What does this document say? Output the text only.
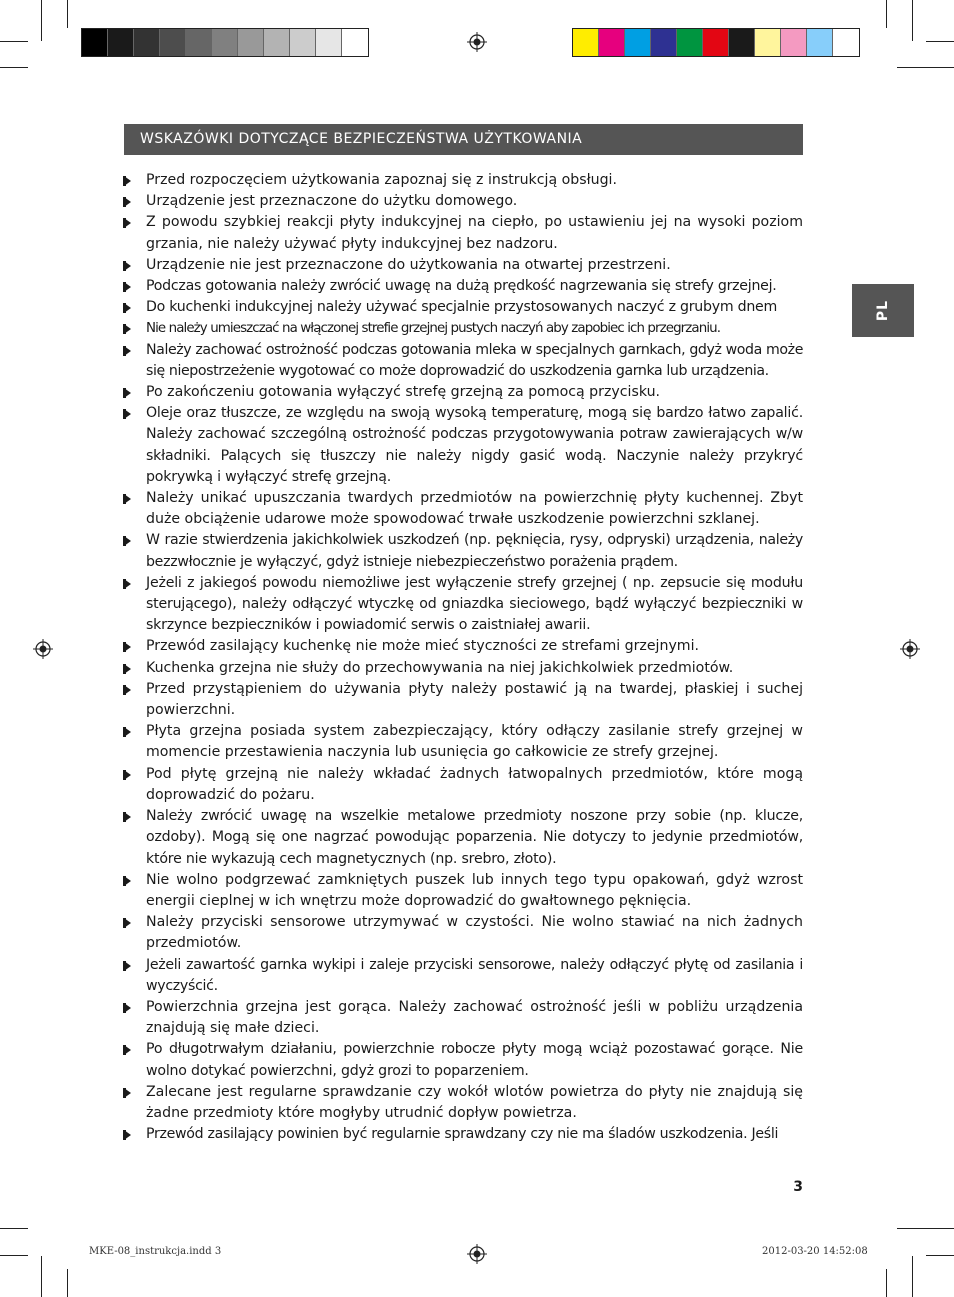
WSKAZÓWKI DOTYCZĄCE BEZPIECZEŃSTWA UŻYTKOWANIA
PL
Przed rozpoczęciem użytkowania zapoznaj się z instrukcją obsługi.
Urządzenie jest przeznaczone do użytku domowego.
Z powodu szybkiej reakcji płyty indukcyjnej na ciepło, po ustawieniu jej na wysoki poziom grzania, nie należy używać płyty indukcyjnej bez nadzoru.
Urządzenie nie jest przeznaczone do użytkowania na otwartej przestrzeni.
Podczas gotowania należy zwrócić uwagę na dużą prędkość nagrzewania się strefy grzejnej.
Do kuchenki indukcyjnej należy używać specjalnie przystosowanych naczyć z grubym dnem
Nie należy umieszczać na włączonej strefie grzejnej pustych naczyń aby zapobiec ich przegrzaniu.
Należy zachować ostrożność podczas gotowania mleka w specjalnych garnkach, gdyż woda może się niepostrzeżenie wygotować co może doprowadzić do uszkodzenia garnka lub urządzenia.
Po zakończeniu gotowania wyłączyć strefę grzejną za pomocą przycisku.
Oleje oraz tłuszcze, ze względu na swoją wysoką temperaturę, mogą się bardzo łatwo zapalić. Należy zachować szczególną ostrożność podczas przygotowywania potraw zawierających w/w składniki. Palących się tłuszczy nie należy nigdy gasić wodą. Naczynie należy przykryć pokrywką i wyłączyć strefę grzejną.
Należy unikać upuszczania twardych przedmiotów na powierzchnię płyty kuchennej. Zbyt duże obciążenie udarowe może spowodować trwałe uszkodzenie powierzchni szklanej.
W razie stwierdzenia jakichkolwiek uszkodzeń (np. pęknięcia, rysy, odpryski) urządzenia, należy bezzwłocznie je wyłączyć, gdyż istnieje niebezpieczeństwo porażenia prądem.
Jeżeli z jakiegoś powodu niemożliwe jest wyłączenie strefy grzejnej ( np. zepsucie się modułu sterującego), należy odłączyć wtyczkę od gniazdka sieciowego, bądź wyłączyć bezpieczniki w skrzynce bezpieczników i powiadomić serwis o zaistniałej awarii.
Przewód zasilający kuchenkę nie może mieć styczności ze strefami grzejnymi.
Kuchenka grzejna nie służy do przechowywania na niej jakichkolwiek przedmiotów.
Przed przystąpieniem do używania płyty należy postawić ją na twardej, płaskiej i suchej powierzchni.
Płyta grzejna posiada system zabezpieczający, który odłączy zasilanie strefy grzejnej w momencie przestawienia naczynia lub usunięcia go całkowicie ze strefy grzejnej.
Pod płytę grzejną nie należy wkładać żadnych łatwopalnych przedmiotów, które mogą doprowadzić do pożaru.
Należy zwrócić uwagę na wszelkie metalowe przedmioty noszone przy sobie (np. klucze, ozdoby). Mogą się one nagrzać powodując poparzenia. Nie dotyczy to jedynie przedmiotów, które nie wykazują cech magnetycznych (np. srebro, złoto).
Nie wolno podgrzewać zamkniętych puszek lub innych tego typu opakowań, gdyż wzrost energii cieplnej w ich wnętrzu może doprowadzić do gwałtownego pęknięcia.
Należy przyciski sensorowe utrzymywać w czystości. Nie wolno stawiać na nich żadnych przedmiotów.
Jeżeli zawartość garnka wykipi i zaleje przyciski sensorowe, należy odłączyć płytę od zasilania i wyczyścić.
Powierzchnia grzejna jest gorąca. Należy zachować ostrożność jeśli w pobliżu urządzenia znajdują się małe dzieci.
Po długotrwałym działaniu, powierzchnie robocze płyty mogą wciąż pozostawać gorące. Nie wolno dotykać powierzchni, gdyż grozi to poparzeniem.
Zalecane jest regularne sprawdzanie czy wokół wlotów powietrza do płyty nie znajdują się żadne przedmioty które mogłyby utrudnić dopływ powietrza.
Przewód zasilający powinien być regularnie sprawdzany czy nie ma śladów uszkodzenia. Jeśli
3
MKE-08_instrukcja.indd 3	2012-03-20 14:52:08
